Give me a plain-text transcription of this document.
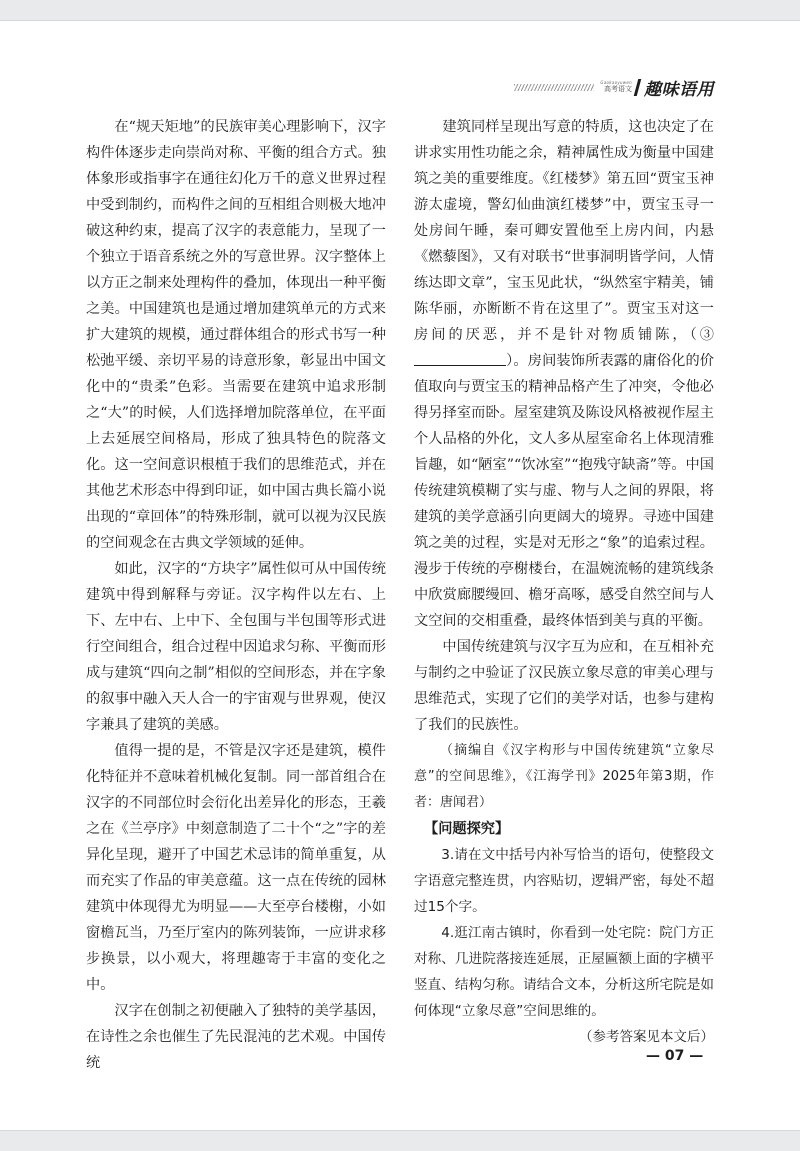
Gaokaoyuwen
高考语文 趣味语用

在“规天矩地”的民族审美心理影响下，汉字构件体逐步走向崇尚对称、平衡的组合方式。独体象形或指事字在通往幻化万千的意义世界过程中受到制约，而构件之间的互相组合则极大地冲破这种约束，提高了汉字的表意能力，呈现了一个独立于语音系统之外的写意世界。汉字整体上以方正之制来处理构件的叠加，体现出一种平衡之美。中国建筑也是通过增加建筑单元的方式来扩大建筑的规模，通过群体组合的形式书写一种松弛平缓、亲切平易的诗意形象，彰显出中国文化中的“贵柔”色彩。当需要在建筑中追求形制之“大”的时候，人们选择增加院落单位，在平面上去延展空间格局，形成了独具特色的院落文化。这一空间意识根植于我们的思维范式，并在其他艺术形态中得到印证，如中国古典长篇小说出现的“章回体”的特殊形制，就可以视为汉民族的空间观念在古典文学领域的延伸。

如此，汉字的“方块字”属性似可从中国传统建筑中得到解释与旁证。汉字构件以左右、上下、左中右、上中下、全包围与半包围等形式进行空间组合，组合过程中因追求匀称、平衡而形成与建筑“四向之制”相似的空间形态，并在字象的叙事中融入天人合一的宇宙观与世界观，使汉字兼具了建筑的美感。

值得一提的是，不管是汉字还是建筑，模件化特征并不意味着机械化复制。同一部首组合在汉字的不同部位时会衍化出差异化的形态，王羲之在《兰亭序》中刻意制造了二十个“之”字的差异化呈现，避开了中国艺术忌讳的简单重复，从而充实了作品的审美意蕴。这一点在传统的园林建筑中体现得尤为明显——大至亭台楼榭，小如窗檐瓦当，乃至厅室内的陈列装饰，一应讲求移步换景，以小观大，将理趣寄于丰富的变化之中。

汉字在创制之初便融入了独特的美学基因，在诗性之余也催生了先民混沌的艺术观。中国传统

建筑同样呈现出写意的特质，这也决定了在讲求实用性功能之余，精神属性成为衡量中国建筑之美的重要维度。《红楼梦》第五回“贾宝玉神游太虚境，警幻仙曲演红楼梦”中，贾宝玉寻一处房间午睡，秦可卿安置他至上房内间，内悬《燃藜图》，又有对联书“世事洞明皆学问，人情练达即文章”，宝玉见此状，“纵然室宇精美，铺陈华丽，亦断断不肯在这里了”。贾宝玉对这一房间的厌恶，并不是针对物质铺陈，（③）。房间装饰所表露的庸俗化的价值取向与贾宝玉的精神品格产生了冲突，令他必得另择室而卧。屋室建筑及陈设风格被视作屋主个人品格的外化，文人多从屋室命名上体现清雅旨趣，如“陋室”“饮冰室”“抱残守缺斋”等。中国传统建筑模糊了实与虚、物与人之间的界限，将建筑的美学意涵引向更阔大的境界。寻迹中国建筑之美的过程，实是对无形之“象”的追索过程。漫步于传统的亭榭楼台，在温婉流畅的建筑线条中欣赏廊腰缦回、檐牙高啄，感受自然空间与人文空间的交相重叠，最终体悟到美与真的平衡。

中国传统建筑与汉字互为应和，在互相补充与制约之中验证了汉民族立象尽意的审美心理与思维范式，实现了它们的美学对话，也参与建构了我们的民族性。

（摘编自《汉字构形与中国传统建筑“立象尽意”的空间思维》，《江海学刊》2025年第3期，作者：唐闻君）

【问题探究】

3.请在文中括号内补写恰当的语句，使整段文字语意完整连贯，内容贴切，逻辑严密，每处不超过15个字。

4.逛江南古镇时，你看到一处宅院：院门方正对称、几进院落接连延展，正屋匾额上面的字横平竖直、结构匀称。请结合文本，分析这所宅院是如何体现“立象尽意”空间思维的。

（参考答案见本文后）

— 07 —
